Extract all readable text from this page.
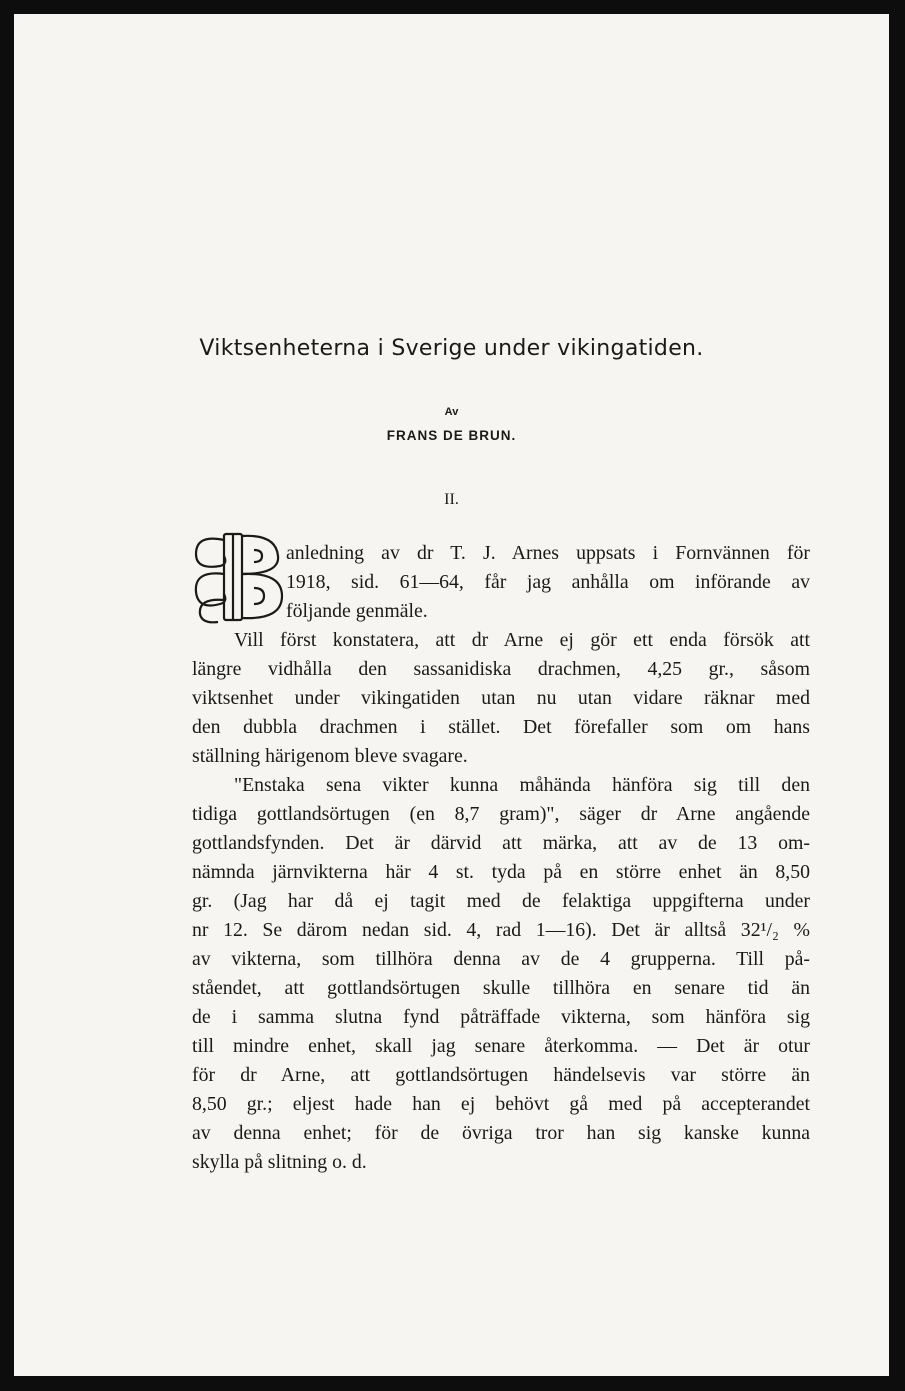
Viktsenheterna i Sverige under vikingatiden.
Av
FRANS DE BRUN.
II.
anledning av dr T. J. Arnes uppsats i Fornvännen för
1918, sid. 61—64, får jag anhålla om införande av
följande genmäle.
Vill först konstatera, att dr Arne ej gör ett enda försök att
längre vidhålla den sassanidiska drachmen, 4,25 gr., såsom
viktsenhet under vikingatiden utan nu utan vidare räknar med
den dubbla drachmen i stället. Det förefaller som om hans
ställning härigenom bleve svagare.
"Enstaka sena vikter kunna måhända hänföra sig till den
tidiga gottlandsörtugen (en 8,7 gram)", säger dr Arne angående
gottlandsfynden. Det är därvid att märka, att av de 13 om-
nämnda järnvikterna här 4 st. tyda på en större enhet än 8,50
gr. (Jag har då ej tagit med de felaktiga uppgifterna under
nr 12. Se därom nedan sid. 4, rad 1—16). Det är alltså 32¹/₂ %
av vikterna, som tillhöra denna av de 4 grupperna. Till på-
ståendet, att gottlandsörtugen skulle tillhöra en senare tid än
de i samma slutna fynd påträffade vikterna, som hänföra sig
till mindre enhet, skall jag senare återkomma. — Det är otur
för dr Arne, att gottlandsörtugen händelsevis var större än
8,50 gr.; eljest hade han ej behövt gå med på accepterandet
av denna enhet; för de övriga tror han sig kanske kunna
skylla på slitning o. d.
